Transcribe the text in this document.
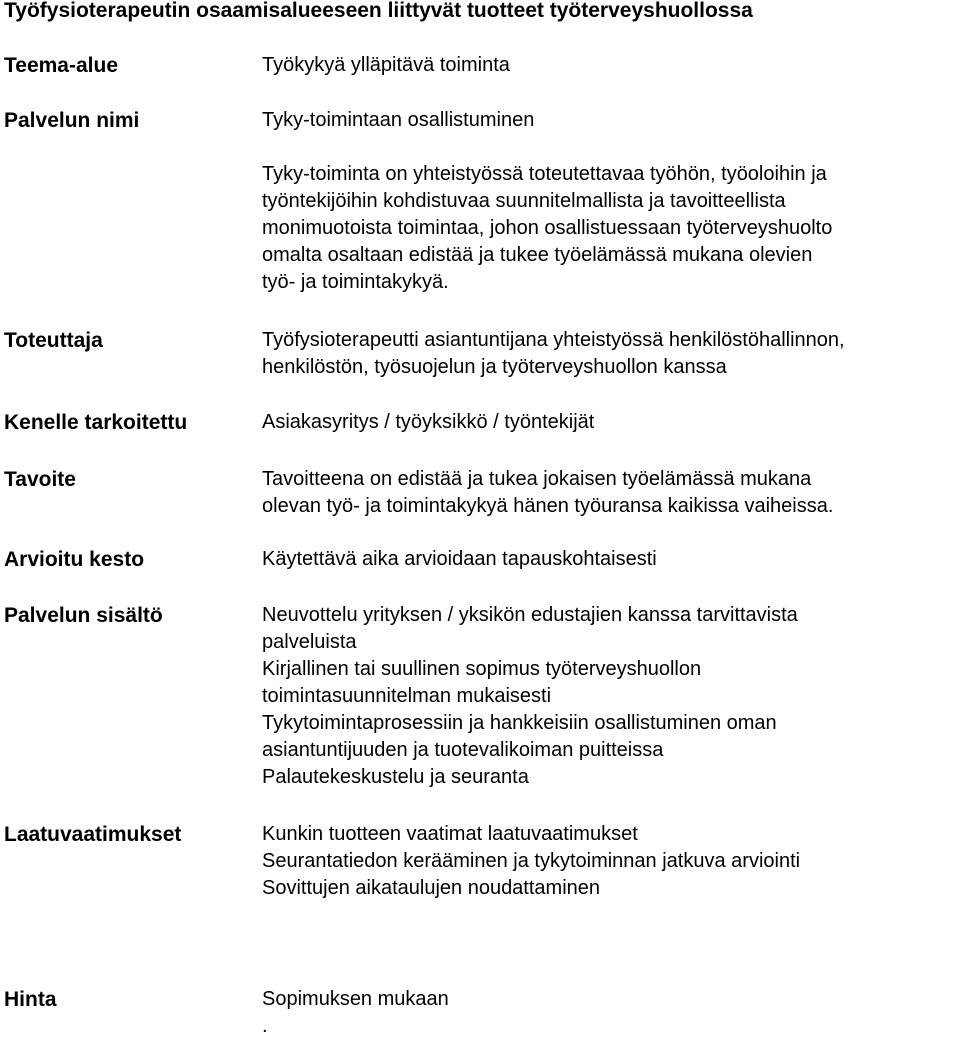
Työfysioterapeutin osaamisalueeseen liittyvät tuotteet työterveyshuollossa
Teema-alue	Työkykyä ylläpitävä toiminta
Palvelun nimi	Tyky-toimintaan osallistuminen
Tyky-toiminta on yhteistyössä toteutettavaa työhön, työoloihin ja
työntekijöihin kohdistuvaa suunnitelmallista ja tavoitteellista
monimuotoista toimintaa, johon osallistuessaan työterveyshuolto
omalta osaltaan edistää ja tukee työelämässä mukana olevien
työ- ja toimintakykyä.
Toteuttaja	Työfysioterapeutti asiantuntijana yhteistyössä henkilöstöhallinnon,
henkilöstön, työsuojelun ja työterveyshuollon kanssa
Kenelle tarkoitettu	Asiakasyritys / työyksikkö / työntekijät
Tavoite	Tavoitteena on edistää ja tukea jokaisen työelämässä mukana
olevan työ- ja toimintakykyä hänen työuransa kaikissa vaiheissa.
Arvioitu kesto	Käytettävä aika arvioidaan tapauskohtaisesti
Palvelun sisältö	Neuvottelu yrityksen / yksikön edustajien kanssa tarvittavista
palveluista
Kirjallinen tai suullinen sopimus työterveyshuollon
toimintasuunnitelman mukaisesti
Tykytoimintaprosessiin ja hankkeisiin osallistuminen oman
asiantuntijuuden ja tuotevalikoiman puitteissa
Palautekeskustelu ja seuranta
Laatuvaatimukset	Kunkin tuotteen vaatimat laatuvaatimukset
Seurantatiedon kerääminen ja tykytoiminnan jatkuva arviointi
Sovittujen aikataulujen noudattaminen
Hinta	Sopimuksen mukaan
.
